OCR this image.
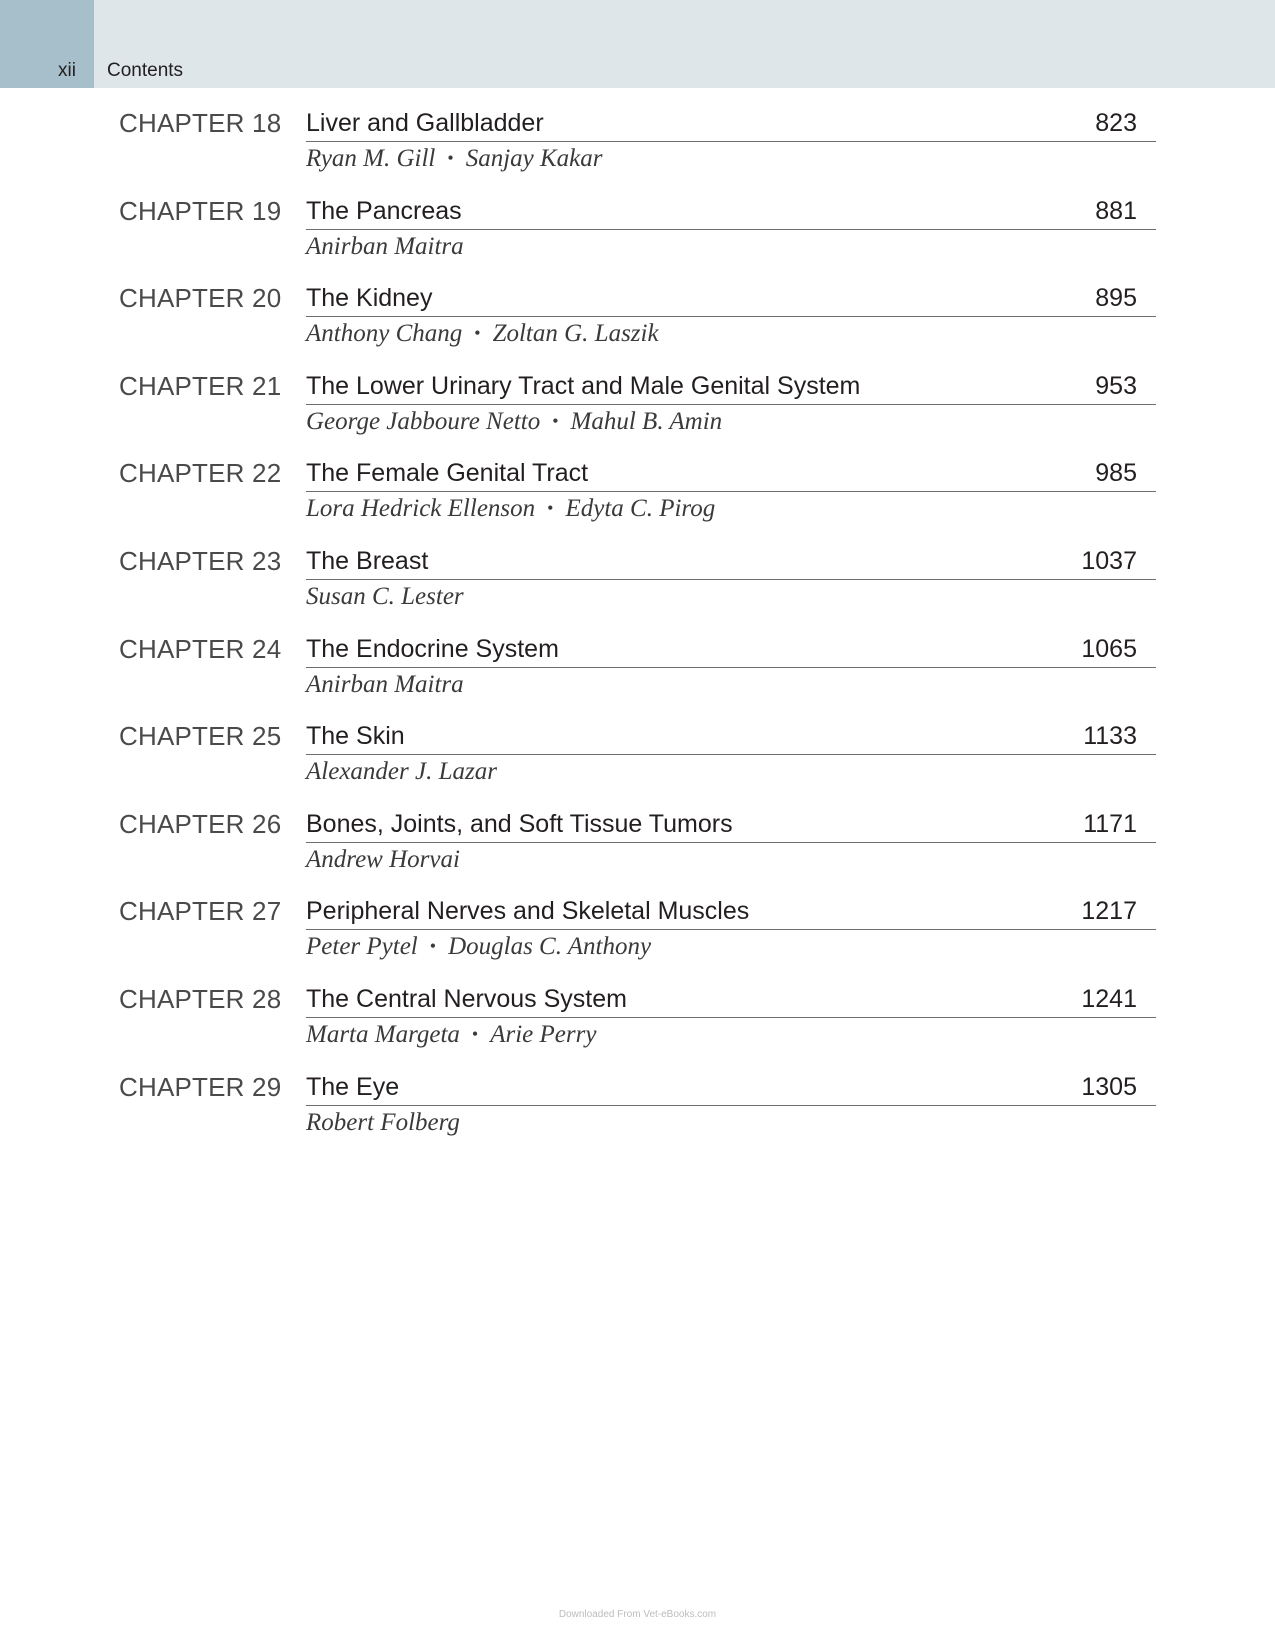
xii Contents
CHAPTER 18 Liver and Gallbladder	823
Ryan M. Gill • Sanjay Kakar
CHAPTER 19 The Pancreas	881
Anirban Maitra
CHAPTER 20 The Kidney	895
Anthony Chang • Zoltan G. Laszik
CHAPTER 21 The Lower Urinary Tract and Male Genital System	953
George Jabboure Netto • Mahul B. Amin
CHAPTER 22 The Female Genital Tract	985
Lora Hedrick Ellenson • Edyta C. Pirog
CHAPTER 23 The Breast	1037
Susan C. Lester
CHAPTER 24 The Endocrine System	1065
Anirban Maitra
CHAPTER 25 The Skin	1133
Alexander J. Lazar
CHAPTER 26 Bones, Joints, and Soft Tissue Tumors	1171
Andrew Horvai
CHAPTER 27 Peripheral Nerves and Skeletal Muscles	1217
Peter Pytel • Douglas C. Anthony
CHAPTER 28 The Central Nervous System	1241
Marta Margeta • Arie Perry
CHAPTER 29 The Eye	1305
Robert Folberg
Downloaded From Vet-eBooks.com
